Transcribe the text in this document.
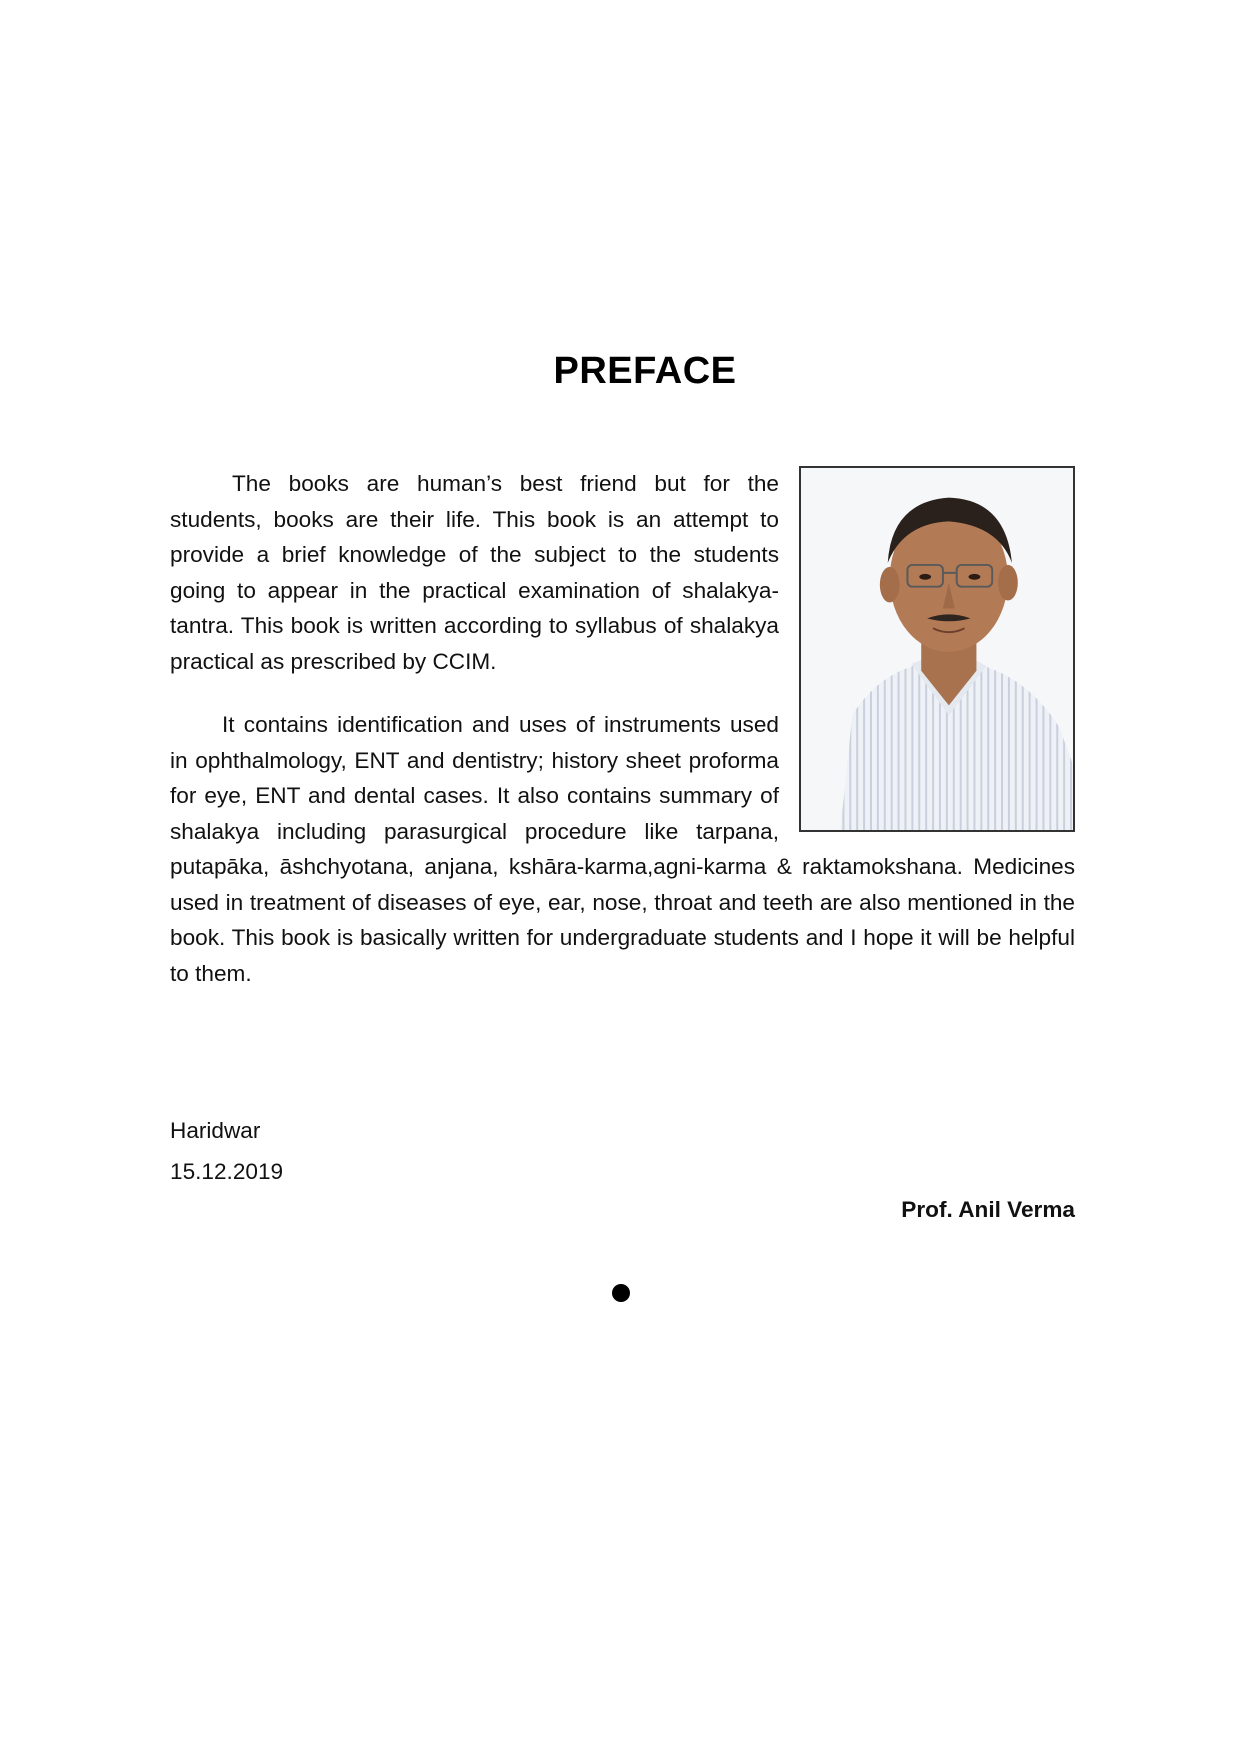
PREFACE

The books are human’s best friend but for the students, books are their life. This book is an attempt to provide a brief knowledge of the subject to the students going to appear in the practical examination of shalakya-tantra. This book is written according to syllabus of shalakya practical as prescribed by CCIM.

It contains identification and uses of instruments used in ophthalmology, ENT and dentistry; history sheet proforma for eye, ENT and dental cases. It also contains summary of shalakya including parasurgical procedure like tarpana, putapāka, āshchyotana, anjana, kshāra-karma,agni-karma & raktamokshana. Medicines used in treatment of diseases of eye, ear, nose, throat and teeth are also mentioned in the book. This book is basically written for undergraduate students and I hope it will be helpful to them.

Haridwar
15.12.2019
Prof. Anil Verma
